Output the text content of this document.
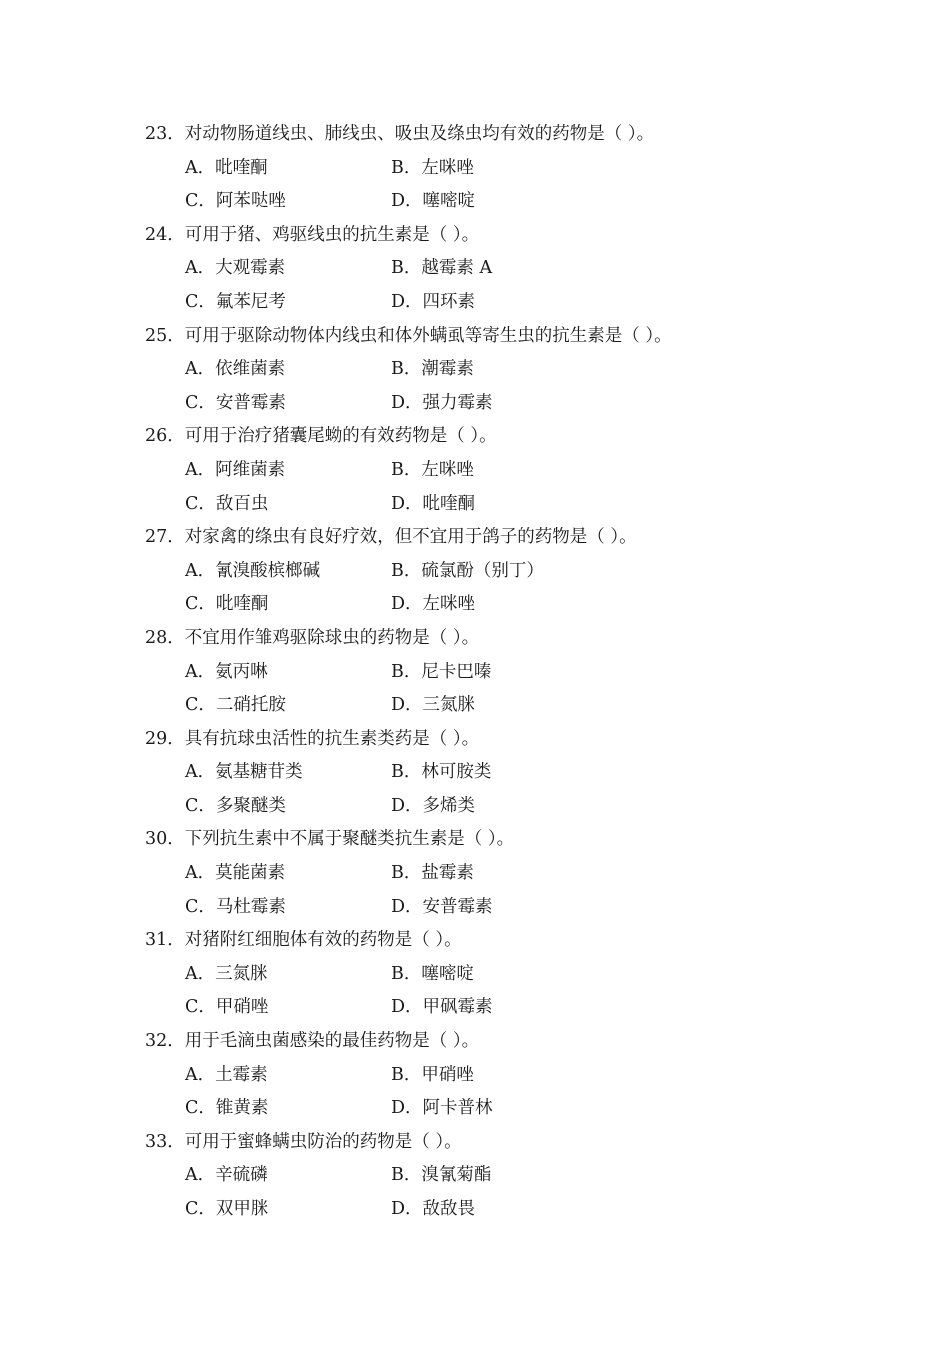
23．对动物肠道线虫、肺线虫、吸虫及绦虫均有效的药物是（ ）。
A．吡喹酮	B．左咪唑
C．阿苯哒唑	D．噻嘧啶
24．可用于猪、鸡驱线虫的抗生素是（ ）。
A．大观霉素	B．越霉素 A
C．氟苯尼考	D．四环素
25．可用于驱除动物体内线虫和体外螨虱等寄生虫的抗生素是（ ）。
A．依维菌素	B．潮霉素
C．安普霉素	D．强力霉素
26．可用于治疗猪囊尾蚴的有效药物是（ ）。
A．阿维菌素	B．左咪唑
C．敌百虫	D．吡喹酮
27．对家禽的绦虫有良好疗效，但不宜用于鸽子的药物是（ ）。
A．氰溴酸槟榔碱	B．硫氯酚（别丁）
C．吡喹酮	D．左咪唑
28．不宜用作雏鸡驱除球虫的药物是（ ）。
A．氨丙啉	B．尼卡巴嗪
C．二硝托胺	D．三氮脒
29．具有抗球虫活性的抗生素类药是（ ）。
A．氨基糖苷类	B．林可胺类
C．多聚醚类	D．多烯类
30．下列抗生素中不属于聚醚类抗生素是（ ）。
A．莫能菌素	B．盐霉素
C．马杜霉素	D．安普霉素
31．对猪附红细胞体有效的药物是（ ）。
A．三氮脒	B．噻嘧啶
C．甲硝唑	D．甲砜霉素
32．用于毛滴虫菌感染的最佳药物是（ ）。
A．土霉素	B．甲硝唑
C．锥黄素	D．阿卡普林
33．可用于蜜蜂螨虫防治的药物是（ ）。
A．辛硫磷	B．溴氰菊酯
C．双甲脒	D．敌敌畏
